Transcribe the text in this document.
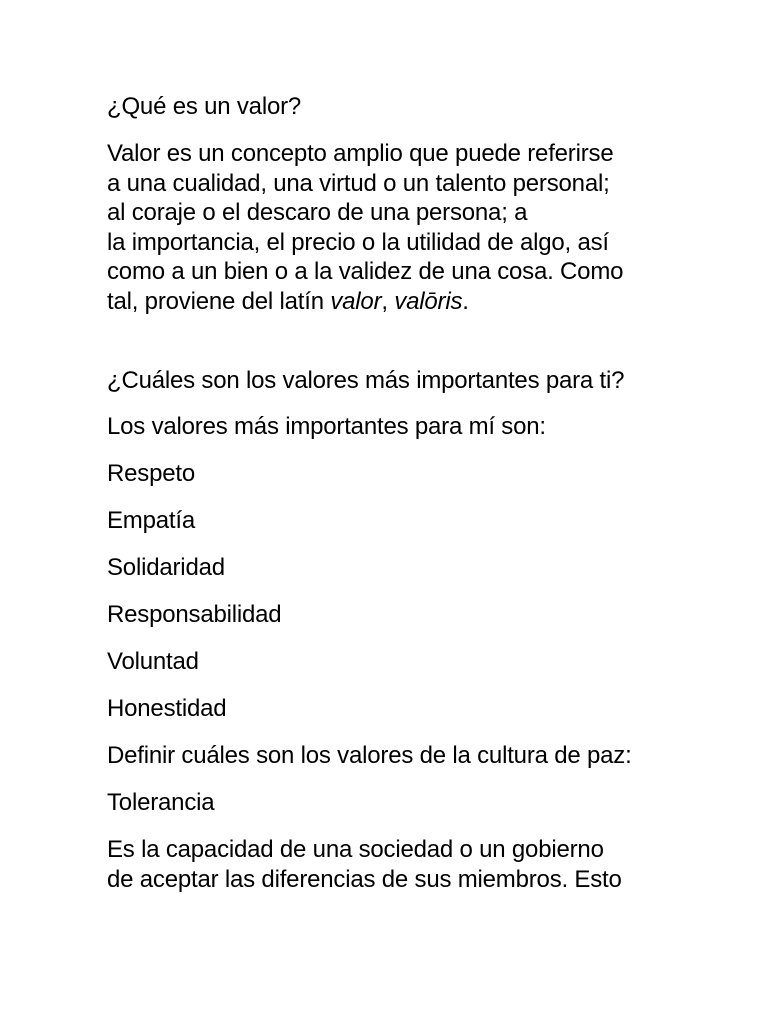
¿Qué es un valor?
Valor es un concepto amplio que puede referirse
a una cualidad, una virtud o un talento personal;
al coraje o el descaro de una persona; a
la importancia, el precio o la utilidad de algo, así
como a un bien o a la validez de una cosa. Como
tal, proviene del latín valor, valōris.
¿Cuáles son los valores más importantes para ti?
Los valores más importantes para mí son:
Respeto
Empatía
Solidaridad
Responsabilidad
Voluntad
Honestidad
Definir cuáles son los valores de la cultura de paz:
Tolerancia
Es la capacidad de una sociedad o un gobierno
de aceptar las diferencias de sus miembros. Esto
